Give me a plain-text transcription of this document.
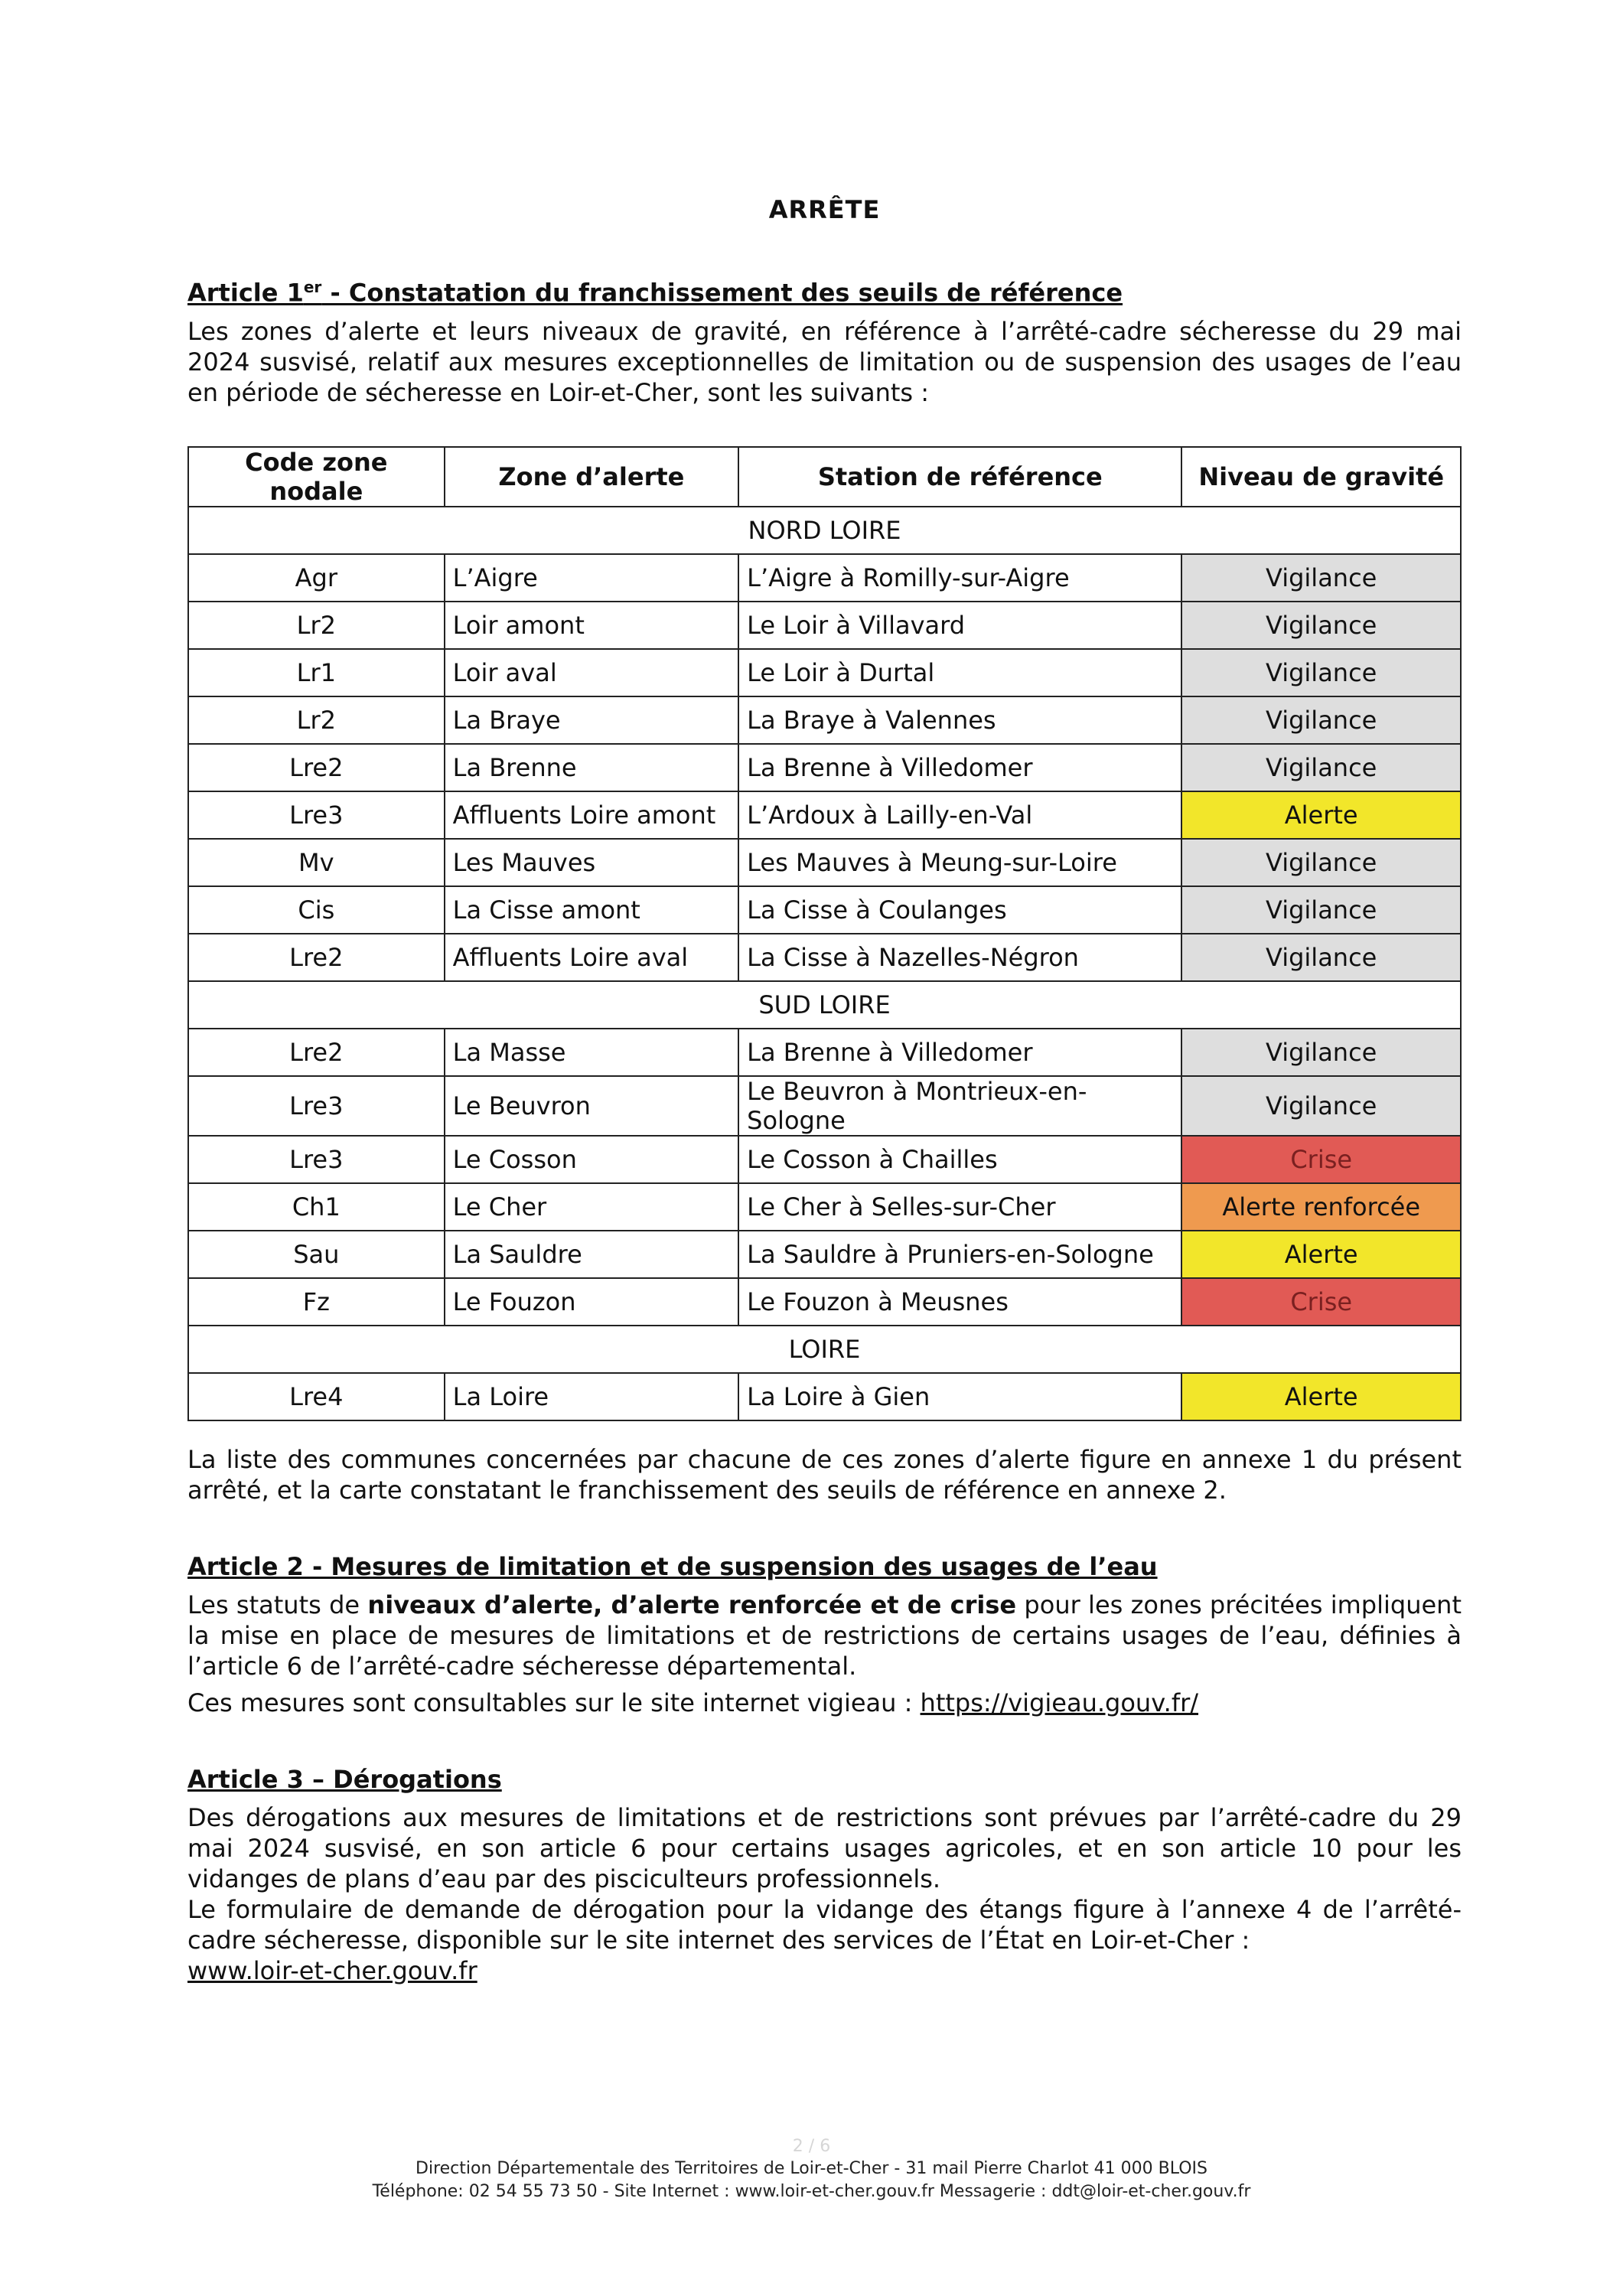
ARRÊTE
Article 1er - Constatation du franchissement des seuils de référence

Les zones d’alerte et leurs niveaux de gravité, en référence à l’arrêté-cadre sécheresse du 29 mai 2024 susvisé, relatif aux mesures exceptionnelles de limitation ou de suspension des usages de l’eau en période de sécheresse en Loir-et-Cher, sont les suivants :

Code zone nodale	Zone d’alerte	Station de référence	Niveau de gravité
NORD LOIRE			
Agr	L’Aigre	L’Aigre à Romilly-sur-Aigre	Vigilance
Lr2	Loir amont	Le Loir à Villavard	Vigilance
Lr1	Loir aval	Le Loir à Durtal	Vigilance
Lr2	La Braye	La Braye à Valennes	Vigilance
Lre2	La Brenne	La Brenne à Villedomer	Vigilance
Lre3	Affluents Loire amont	L’Ardoux à Lailly-en-Val	Alerte
Mv	Les Mauves	Les Mauves à Meung-sur-Loire	Vigilance
Cis	La Cisse amont	La Cisse à Coulanges	Vigilance
Lre2	Affluents Loire aval	La Cisse à Nazelles-Négron	Vigilance
SUD LOIRE			
Lre2	La Masse	La Brenne à Villedomer	Vigilance
Lre3	Le Beuvron	Le Beuvron à Montrieux-en-Sologne	Vigilance
Lre3	Le Cosson	Le Cosson à Chailles	Crise
Ch1	Le Cher	Le Cher à Selles-sur-Cher	Alerte renforcée
Sau	La Sauldre	La Sauldre à Pruniers-en-Sologne	Alerte
Fz	Le Fouzon	Le Fouzon à Meusnes	Crise
LOIRE			
Lre4	La Loire	La Loire à Gien	Alerte

La liste des communes concernées par chacune de ces zones d’alerte figure en annexe 1 du présent arrêté, et la carte constatant le franchissement des seuils de référence en annexe 2.

Article 2 - Mesures de limitation et de suspension des usages de l’eau

Les statuts de niveaux d’alerte, d’alerte renforcée et de crise pour les zones précitées impliquent la mise en place de mesures de limitations et de restrictions de certains usages de l’eau, définies à l’article 6 de l’arrêté-cadre sécheresse départemental.

Ces mesures sont consultables sur le site internet vigieau : https://vigieau.gouv.fr/

Article 3 – Dérogations

Des dérogations aux mesures de limitations et de restrictions sont prévues par l’arrêté-cadre du 29 mai 2024 susvisé, en son article 6 pour certains usages agricoles, et en son article 10 pour les vidanges de plans d’eau par des pisciculteurs professionnels.

Le formulaire de demande de dérogation pour la vidange des étangs figure à l’annexe 4 de l’arrêté-cadre sécheresse, disponible sur le site internet des services de l’État en Loir-et-Cher :
www.loir-et-cher.gouv.fr

2 / 6
Direction Départementale des Territoires de Loir-et-Cher - 31 mail Pierre Charlot 41 000 BLOIS
Téléphone: 02 54 55 73 50 - Site Internet : www.loir-et-cher.gouv.fr Messagerie : ddt@loir-et-cher.gouv.fr
